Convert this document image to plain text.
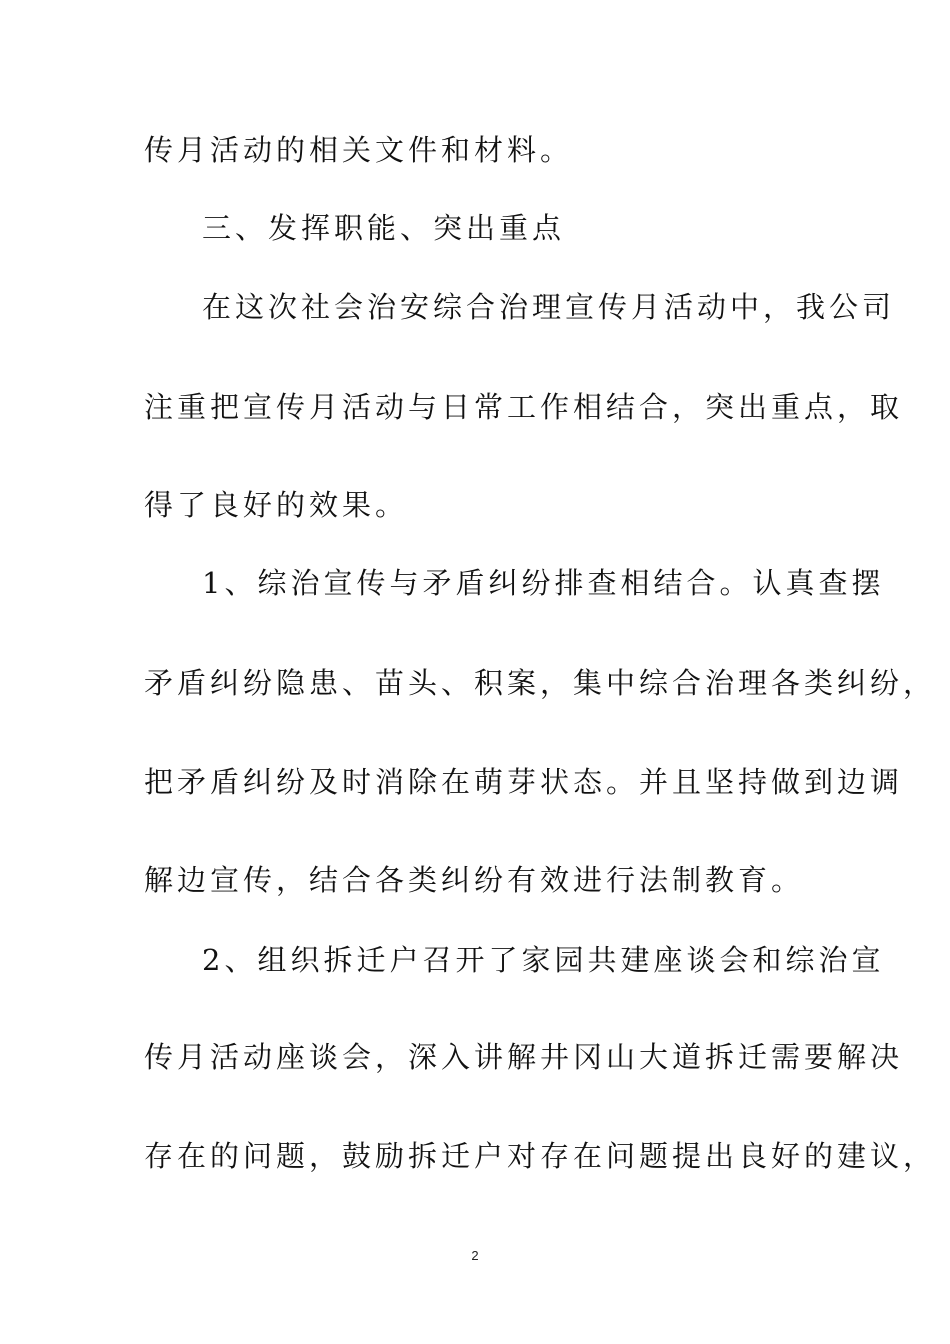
传月活动的相关文件和材料。

三、发挥职能、突出重点

在这次社会治安综合治理宣传月活动中，我公司

注重把宣传月活动与日常工作相结合，突出重点，取

得了良好的效果。

1、综治宣传与矛盾纠纷排查相结合。认真查摆

矛盾纠纷隐患、苗头、积案，集中综合治理各类纠纷，

把矛盾纠纷及时消除在萌芽状态。并且坚持做到边调

解边宣传，结合各类纠纷有效进行法制教育。

2、组织拆迁户召开了家园共建座谈会和综治宣

传月活动座谈会，深入讲解井冈山大道拆迁需要解决

存在的问题，鼓励拆迁户对存在问题提出良好的建议，

2
